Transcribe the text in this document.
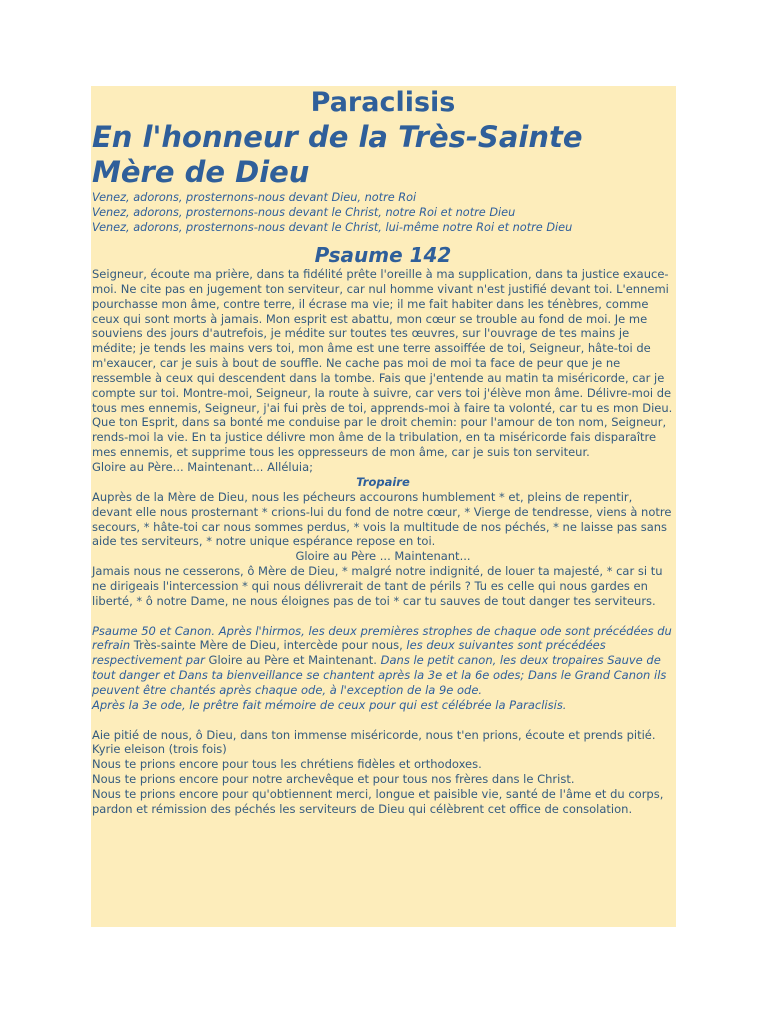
Paraclisis
En l'honneur de la Très-Sainte
Mère de Dieu

Venez, adorons, prosternons-nous devant Dieu, notre Roi
Venez, adorons, prosternons-nous devant le Christ, notre Roi et notre Dieu
Venez, adorons, prosternons-nous devant le Christ, lui-même notre Roi et notre Dieu

Psaume 142

Seigneur, écoute ma prière, dans ta fidélité prête l'oreille à ma supplication, dans ta justice exauce-moi. Ne cite pas en jugement ton serviteur, car nul homme vivant n'est justifié devant toi. L'ennemi pourchasse mon âme, contre terre, il écrase ma vie; il me fait habiter dans les ténèbres, comme ceux qui sont morts à jamais. Mon esprit est abattu, mon cœur se trouble au fond de moi. Je me souviens des jours d'autrefois, je médite sur toutes tes œuvres, sur l'ouvrage de tes mains je médite; je tends les mains vers toi, mon âme est une terre assoiffée de toi, Seigneur, hâte-toi de m'exaucer, car je suis à bout de souffle. Ne cache pas moi de moi ta face de peur que je ne ressemble à ceux qui descendent dans la tombe. Fais que j'entende au matin ta miséricorde, car je compte sur toi. Montre-moi, Seigneur, la route à suivre, car vers toi j'élève mon âme. Délivre-moi de tous mes ennemis, Seigneur, j'ai fui près de toi, apprends-moi à faire ta volonté, car tu es mon Dieu. Que ton Esprit, dans sa bonté me conduise par le droit chemin: pour l'amour de ton nom, Seigneur, rends-moi la vie. En ta justice délivre mon âme de la tribulation, en ta miséricorde fais disparaître mes ennemis, et supprime tous les oppresseurs de mon âme, car je suis ton serviteur.

Gloire au Père... Maintenant... Alléluia;

Tropaire

Auprès de la Mère de Dieu, nous les pécheurs accourons humblement * et, pleins de repentir, devant elle nous prosternant * crions-lui du fond de notre cœur, * Vierge de tendresse, viens à notre secours, * hâte-toi car nous sommes perdus, * vois la multitude de nos péchés, * ne laisse pas sans aide tes serviteurs, * notre unique espérance repose en toi.

Gloire au Père ... Maintenant...

Jamais nous ne cesserons, ô Mère de Dieu, * malgré notre indignité, de louer ta majesté, * car si tu ne dirigeais l'intercession * qui nous délivrerait de tant de périls ? Tu es celle qui nous gardes en liberté, * ô notre Dame, ne nous éloignes pas de toi * car tu sauves de tout danger tes serviteurs.

Psaume 50 et Canon. Après l'hirmos, les deux premières strophes de chaque ode sont précédées du refrain Très-sainte Mère de Dieu, intercède pour nous, les deux suivantes sont précédées respectivement par Gloire au Père et Maintenant. Dans le petit canon, les deux tropaires Sauve de tout danger et Dans ta bienveillance se chantent après la 3e et la 6e odes; Dans le Grand Canon ils peuvent être chantés après chaque ode, à l'exception de la 9e ode.
Après la 3e ode, le prêtre fait mémoire de ceux pour qui est célébrée la Paraclisis.

Aie pitié de nous, ô Dieu, dans ton immense miséricorde, nous t'en prions, écoute et prends pitié.

Kyrie eleison (trois fois)

Nous te prions encore pour tous les chrétiens fidèles et orthodoxes.

Nous te prions encore pour notre archevêque et pour tous nos frères dans le Christ.

Nous te prions encore pour qu'obtiennent merci, longue et paisible vie, santé de l'âme et du corps, pardon et rémission des péchés les serviteurs de Dieu qui célèbrent cet office de consolation.
